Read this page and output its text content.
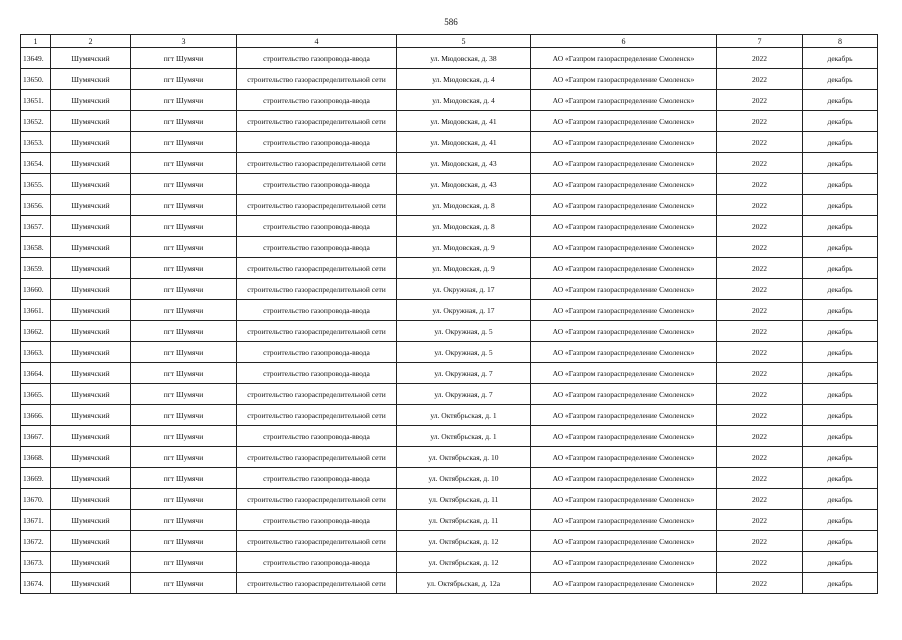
586
1	2	3	4	5	6	7	8
13649.	Шумячский	пгт Шумячи	строительство газопровода-ввода	ул. Мюдовская, д. 38	АО «Газпром газораспределение Смоленск»	2022	декабрь
13650.	Шумячский	пгт Шумячи	строительство газораспределительной сети	ул. Мюдовская, д. 4	АО «Газпром газораспределение Смоленск»	2022	декабрь
13651.	Шумячский	пгт Шумячи	строительство газопровода-ввода	ул. Мюдовская, д. 4	АО «Газпром газораспределение Смоленск»	2022	декабрь
13652.	Шумячский	пгт Шумячи	строительство газораспределительной сети	ул. Мюдовская, д. 41	АО «Газпром газораспределение Смоленск»	2022	декабрь
13653.	Шумячский	пгт Шумячи	строительство газопровода-ввода	ул. Мюдовская, д. 41	АО «Газпром газораспределение Смоленск»	2022	декабрь
13654.	Шумячский	пгт Шумячи	строительство газораспределительной сети	ул. Мюдовская, д. 43	АО «Газпром газораспределение Смоленск»	2022	декабрь
13655.	Шумячский	пгт Шумячи	строительство газопровода-ввода	ул. Мюдовская, д. 43	АО «Газпром газораспределение Смоленск»	2022	декабрь
13656.	Шумячский	пгт Шумячи	строительство газораспределительной сети	ул. Мюдовская, д. 8	АО «Газпром газораспределение Смоленск»	2022	декабрь
13657.	Шумячский	пгт Шумячи	строительство газопровода-ввода	ул. Мюдовская, д. 8	АО «Газпром газораспределение Смоленск»	2022	декабрь
13658.	Шумячский	пгт Шумячи	строительство газопровода-ввода	ул. Мюдовская, д. 9	АО «Газпром газораспределение Смоленск»	2022	декабрь
13659.	Шумячский	пгт Шумячи	строительство газораспределительной сети	ул. Мюдовская, д. 9	АО «Газпром газораспределение Смоленск»	2022	декабрь
13660.	Шумячский	пгт Шумячи	строительство газораспределительной сети	ул. Окружная, д. 17	АО «Газпром газораспределение Смоленск»	2022	декабрь
13661.	Шумячский	пгт Шумячи	строительство газопровода-ввода	ул. Окружная, д. 17	АО «Газпром газораспределение Смоленск»	2022	декабрь
13662.	Шумячский	пгт Шумячи	строительство газораспределительной сети	ул. Окружная, д. 5	АО «Газпром газораспределение Смоленск»	2022	декабрь
13663.	Шумячский	пгт Шумячи	строительство газопровода-ввода	ул. Окружная, д. 5	АО «Газпром газораспределение Смоленск»	2022	декабрь
13664.	Шумячский	пгт Шумячи	строительство газопровода-ввода	ул. Окружная, д. 7	АО «Газпром газораспределение Смоленск»	2022	декабрь
13665.	Шумячский	пгт Шумячи	строительство газораспределительной сети	ул. Окружная, д. 7	АО «Газпром газораспределение Смоленск»	2022	декабрь
13666.	Шумячский	пгт Шумячи	строительство газораспределительной сети	ул. Октябрьская, д. 1	АО «Газпром газораспределение Смоленск»	2022	декабрь
13667.	Шумячский	пгт Шумячи	строительство газопровода-ввода	ул. Октябрьская, д. 1	АО «Газпром газораспределение Смоленск»	2022	декабрь
13668.	Шумячский	пгт Шумячи	строительство газораспределительной сети	ул. Октябрьская, д. 10	АО «Газпром газораспределение Смоленск»	2022	декабрь
13669.	Шумячский	пгт Шумячи	строительство газопровода-ввода	ул. Октябрьская, д. 10	АО «Газпром газораспределение Смоленск»	2022	декабрь
13670.	Шумячский	пгт Шумячи	строительство газораспределительной сети	ул. Октябрьская, д. 11	АО «Газпром газораспределение Смоленск»	2022	декабрь
13671.	Шумячский	пгт Шумячи	строительство газопровода-ввода	ул. Октябрьская, д. 11	АО «Газпром газораспределение Смоленск»	2022	декабрь
13672.	Шумячский	пгт Шумячи	строительство газораспределительной сети	ул. Октябрьская, д. 12	АО «Газпром газораспределение Смоленск»	2022	декабрь
13673.	Шумячский	пгт Шумячи	строительство газопровода-ввода	ул. Октябрьская, д. 12	АО «Газпром газораспределение Смоленск»	2022	декабрь
13674.	Шумячский	пгт Шумячи	строительство газораспределительной сети	ул. Октябрьская, д. 12а	АО «Газпром газораспределение Смоленск»	2022	декабрь
